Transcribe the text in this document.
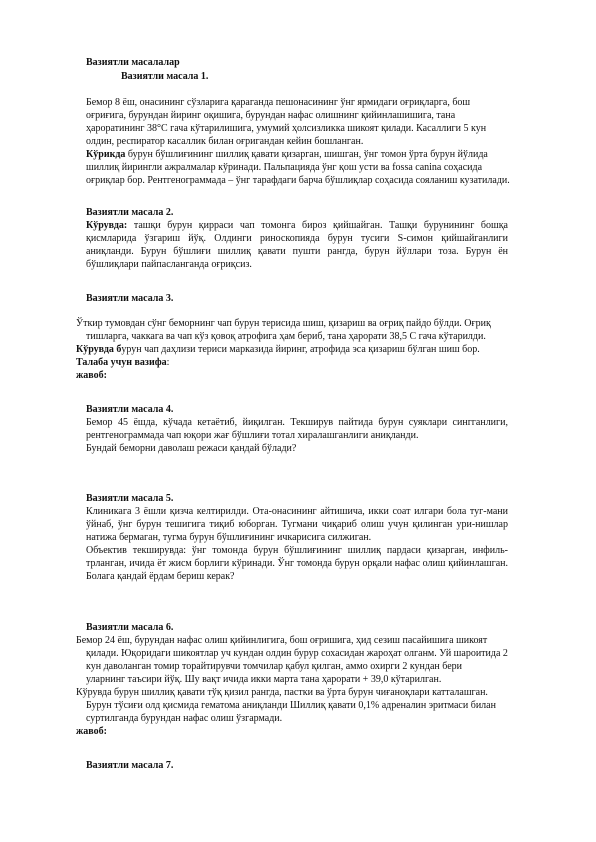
Вазиятли масалалар
Вазиятли масала 1.
Бемор 8 ёш, онасининг сўзларига қараганда пешонасининг ўнг ярмидаги оғриқларга, бош
оғриғига, бурундан йиринг оқишига, бурундан нафас олишнинг қийинлашишига, тана
ҳароратининг 38°С гача кўтарилишига, умумий ҳолсизликка шикоят қилади. Касаллиги 5 кун
олдин, респиратор касаллик билан оғригандан кейин бошланган.
Кўрикда бурун бўшлиғининг шиллиқ қавати қизарган, шишган, ўнг томон ўрта бурун йўлида
шиллиқ йирингли ажралмалар кўринади. Пальпацияда ўнг қош усти ва fossa canina соҳасида
оғриқлар бор. Рентгенограммада – ўнг тарафдаги барча бўшлиқлар соҳасида сояланиш кузатилади.
Вазиятли масала 2.
Кўрувда: ташқи бурун қирраси чап томонга бироз қийшайган. Ташқи бурунининг бошқа
қисмларида ўзгариш йўқ. Олдинги риноскопияда бурун тусиги S-симон қийшайганлиги
аниқланди. Бурун бўшлиғи шиллиқ қавати пушти рангда, бурун йўллари тоза. Бурун ён
бўшлиқлари пайпасланганда оғриқсиз.
Вазиятли масала 3.
Ўткир тумовдан сўнг беморнинг чап бурун терисида шиш, қизариш ва оғриқ пайдо бўлди. Оғриқ
тишларга, чаккага ва чап кўз қовоқ атрофига ҳам бериб, тана ҳарорати 38,5 С гача кўтарилди.
Кўрувда бурун чап даҳлизи териси марказида йиринг, атрофида эса қизариш бўлган шиш бор.
Талаба учун вазифа:
жавоб:
Вазиятли масала 4.
Бемор 45 ёшда, кўчада кетаётиб, йиқилган. Текширув пайтида бурун суяклари сингганлиги,
рентгенограммада чап юқори жағ бўшлиғи тотал хиралашганлиги аниқланди.
Бундай беморни даволаш режаси қандай бўлади?
Вазиятли масала 5.
Клиникага 3 ёшли қизча келтирилди. Ота-онасининг айтишича, икки соат илгари бола туг-мани
ўйнаб, ўнг бурун тешигига тиқиб юборган. Тугмани чиқариб олиш учун қилинган ури-нишлар
натижа бермаган, тугма бурун бўшлиғининг ичкарисига силжиган.
Объектив текширувда: ўнг томонда бурун бўшлиғининг шиллиқ пардаси қизарган, инфиль-
трланган, ичида ёт жисм борлиги кўринади. Ўнг томонда бурун орқали нафас олиш қийинлашган.
Болага қандай ёрдам бериш керак?
Вазиятли масала 6.
Бемор 24 ёш, бурундан нафас олиш қийинлигига, бош оғришига, ҳид сезиш пасайишига шикоят
қилади. Юқоридаги шикоятлар уч кундан олдин бурур сохасидан жароҳат олганм. Уй шароитида 2
кун даволанган томир торайтирувчи томчилар қабул қилган, аммо охирги 2 кундан бери
уларнинг таъсири йўқ. Шу вақт ичида икки марта тана ҳарорати + 39,0 кўтарилган.
Кўрувда бурун шиллиқ қавати тўқ қизил рангда, пастки ва ўрта бурун чиғаноқлари катталашган.
Бурун тўсиғи олд қисмида гематома аниқланди Шиллиқ қавати 0,1% адреналин эритмаси билан
суртилганда бурундан нафас олиш ўзгармади.
жавоб:
Вазиятли масала 7.
